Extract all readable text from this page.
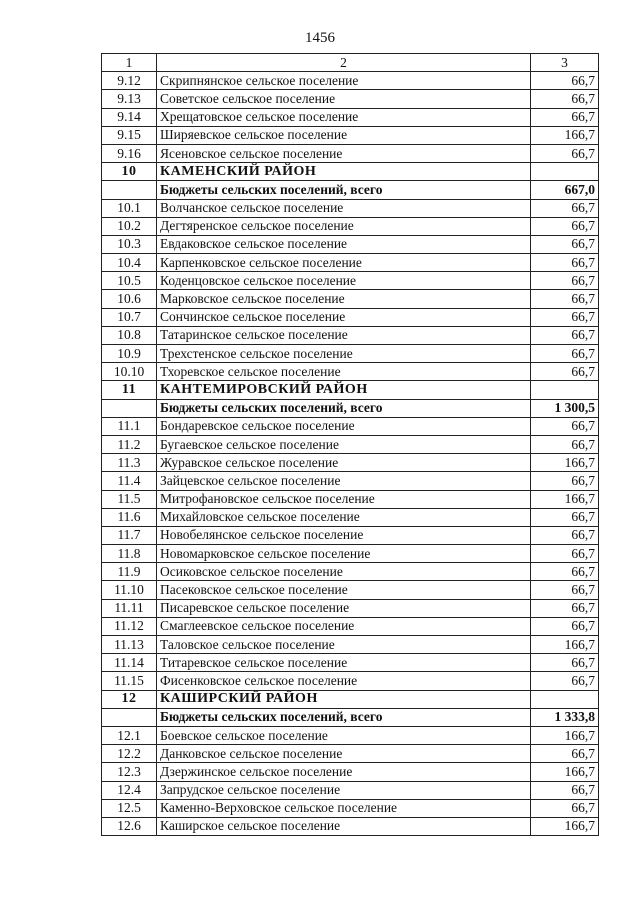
1456
1	2	3
9.12	Скрипнянское сельское поселение	66,7
9.13	Советское сельское поселение	66,7
9.14	Хрещатовское сельское поселение	66,7
9.15	Ширяевское сельское поселение	166,7
9.16	Ясеновское сельское поселение	66,7
10	КАМЕНСКИЙ РАЙОН	
	Бюджеты сельских поселений, всего	667,0
10.1	Волчанское сельское поселение	66,7
10.2	Дегтяренское сельское поселение	66,7
10.3	Евдаковское сельское поселение	66,7
10.4	Карпенковское сельское поселение	66,7
10.5	Коденцовское сельское поселение	66,7
10.6	Марковское сельское поселение	66,7
10.7	Сончинское сельское поселение	66,7
10.8	Татаринское сельское поселение	66,7
10.9	Трехстенское сельское поселение	66,7
10.10	Тхоревское сельское поселение	66,7
11	КАНТЕМИРОВСКИЙ РАЙОН	
	Бюджеты сельских поселений, всего	1 300,5
11.1	Бондаревское сельское поселение	66,7
11.2	Бугаевское сельское поселение	66,7
11.3	Журавское сельское поселение	166,7
11.4	Зайцевское сельское поселение	66,7
11.5	Митрофановское сельское поселение	166,7
11.6	Михайловское сельское поселение	66,7
11.7	Новобелянское сельское поселение	66,7
11.8	Новомарковское сельское поселение	66,7
11.9	Осиковское сельское поселение	66,7
11.10	Пасековское сельское поселение	66,7
11.11	Писаревское сельское поселение	66,7
11.12	Смаглеевское сельское поселение	66,7
11.13	Таловское сельское поселение	166,7
11.14	Титаревское сельское поселение	66,7
11.15	Фисенковское сельское поселение	66,7
12	КАШИРСКИЙ РАЙОН	
	Бюджеты сельских поселений, всего	1 333,8
12.1	Боевское сельское поселение	166,7
12.2	Данковское сельское поселение	66,7
12.3	Дзержинское сельское поселение	166,7
12.4	Запрудское сельское поселение	66,7
12.5	Каменно-Верховское сельское поселение	66,7
12.6	Каширское сельское поселение	166,7
